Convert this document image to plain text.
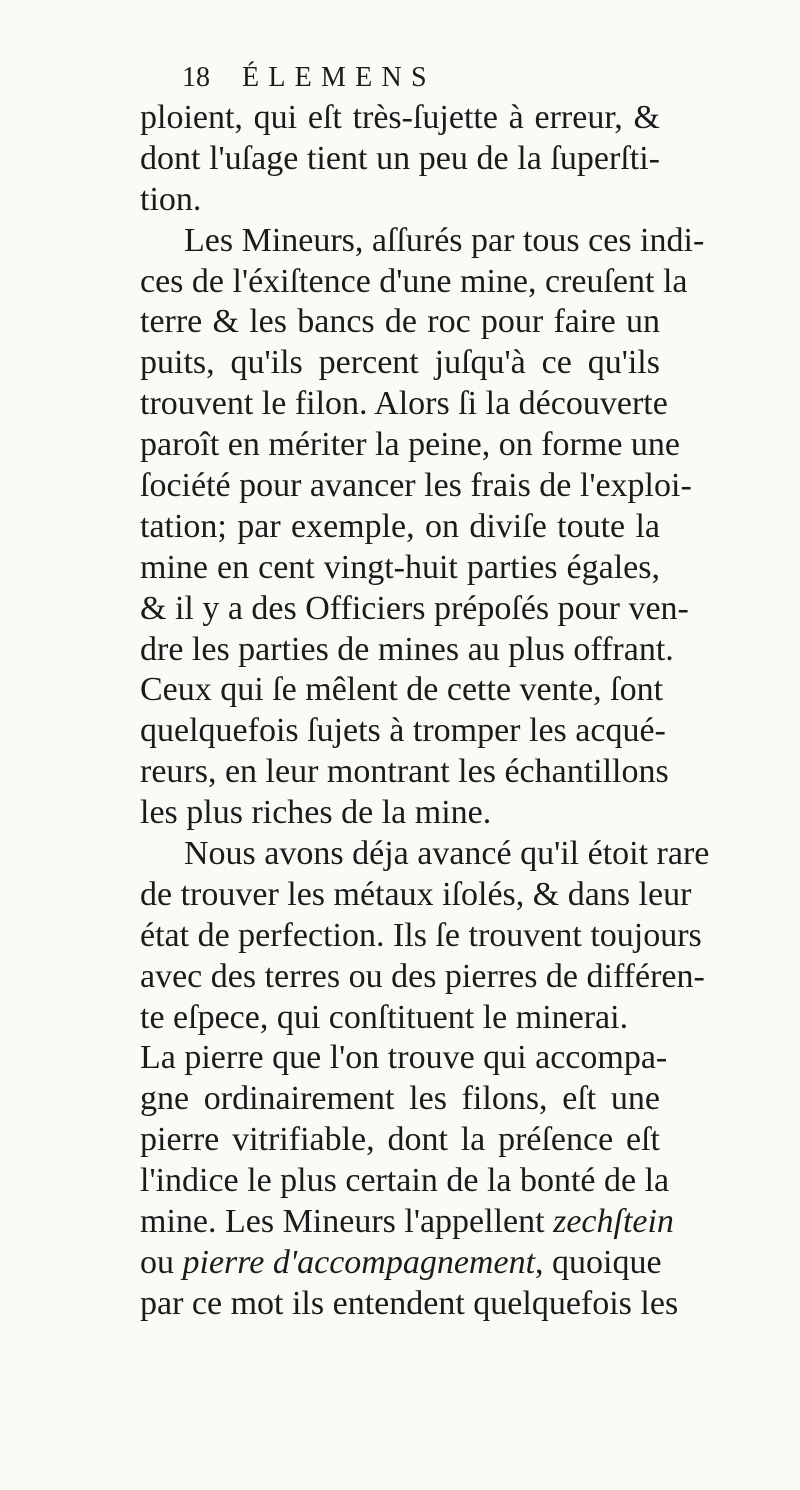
18 ÉLEMENS
ploient, qui eſt très-ſujette à erreur, &
dont l'uſage tient un peu de la ſuperſti-
tion.
Les Mineurs, aſſurés par tous ces indi-
ces de l'éxiſtence d'une mine, creuſent la
terre & les bancs de roc pour faire un
puits, qu'ils percent juſqu'à ce qu'ils
trouvent le filon. Alors ſi la découverte
paroît en mériter la peine, on forme une
ſociété pour avancer les frais de l'exploi-
tation; par exemple, on diviſe toute la
mine en cent vingt-huit parties égales,
& il y a des Officiers prépoſés pour ven-
dre les parties de mines au plus offrant.
Ceux qui ſe mêlent de cette vente, ſont
quelquefois ſujets à tromper les acqué-
reurs, en leur montrant les échantillons
les plus riches de la mine.
Nous avons déja avancé qu'il étoit rare
de trouver les métaux iſolés, & dans leur
état de perfection. Ils ſe trouvent toujours
avec des terres ou des pierres de différen-
te eſpece, qui conſtituent le minerai.
La pierre que l'on trouve qui accompa-
gne ordinairement les filons, eſt une
pierre vitrifiable, dont la préſence eſt
l'indice le plus certain de la bonté de la
mine. Les Mineurs l'appellent zechſtein
ou pierre d'accompagnement, quoique
par ce mot ils entendent quelquefois les
